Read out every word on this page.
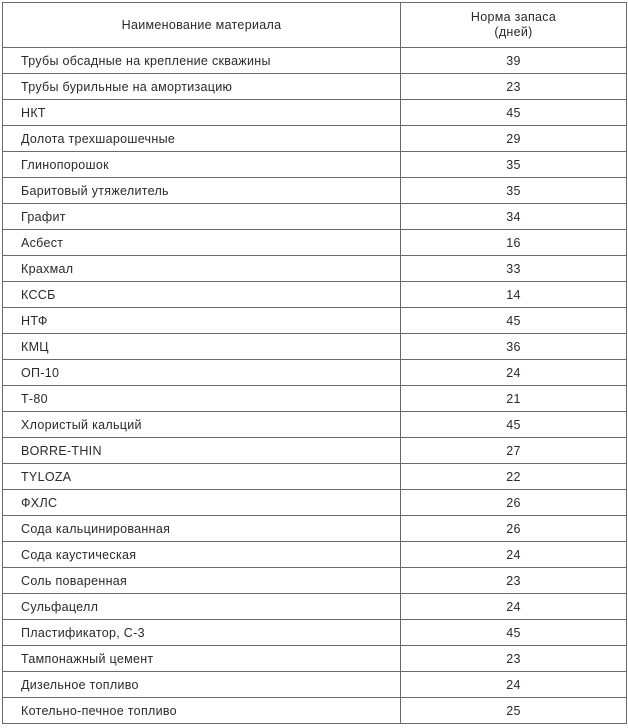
Наименование материала	Норма запаса
(дней)

Трубы обсадные на крепление скважины	39
Трубы бурильные на амортизацию	23
НКТ	45
Долота трехшарошечные	29
Глинопорошок	35
Баритовый утяжелитель	35
Графит	34
Асбест	16
Крахмал	33
КССБ	14
НТФ	45
КМЦ	36
ОП-10	24
Т-80	21
Хлористый кальций	45
BORRE-THIN	27
TYLOZA	22
ФХЛС	26
Сода кальцинированная	26
Сода каустическая	24
Соль поваренная	23
Сульфацелл	24
Пластификатор, С-3	45
Тампонажный цемент	23
Дизельное топливо	24
Котельно-печное топливо	25
